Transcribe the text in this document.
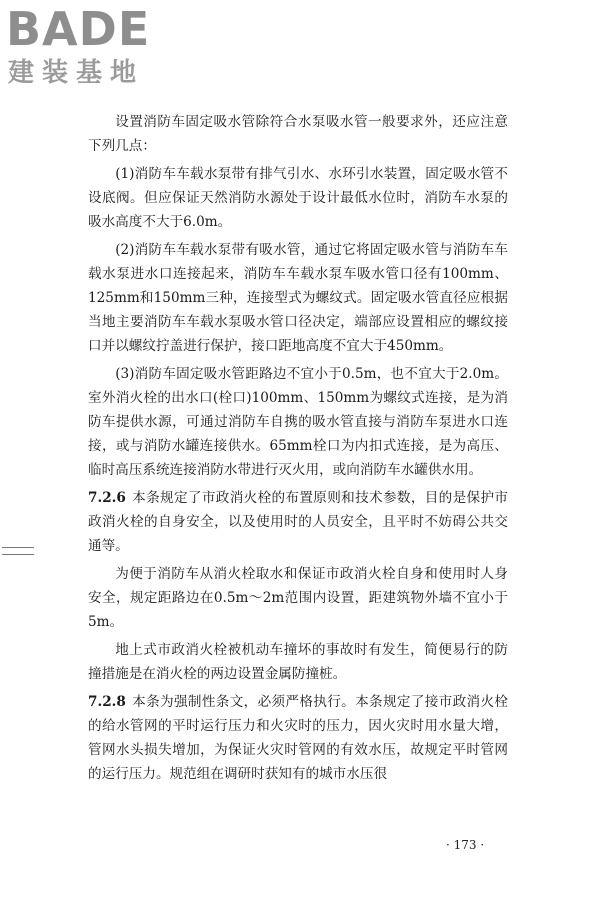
BADE
建装基地

设置消防车固定吸水管除符合水泵吸水管一般要求外，还应注意下列几点：

(1)消防车车载水泵带有排气引水、水环引水装置，固定吸水管不设底阀。但应保证天然消防水源处于设计最低水位时，消防车水泵的吸水高度不大于6.0m。

(2)消防车车载水泵带有吸水管，通过它将固定吸水管与消防车车载水泵进水口连接起来，消防车车载水泵车吸水管口径有100mm、125mm和150mm三种，连接型式为螺纹式。固定吸水管直径应根据当地主要消防车车载水泵吸水管口径决定，端部应设置相应的螺纹接口并以螺纹拧盖进行保护，接口距地高度不宜大于450mm。

(3)消防车固定吸水管距路边不宜小于0.5m，也不宜大于2.0m。室外消火栓的出水口(栓口)100mm、150mm为螺纹式连接，是为消防车提供水源，可通过消防车自携的吸水管直接与消防车泵进水口连接，或与消防水罐连接供水。65mm栓口为内扣式连接，是为高压、临时高压系统连接消防水带进行灭火用，或向消防车水罐供水用。

7.2.6 本条规定了市政消火栓的布置原则和技术参数，目的是保护市政消火栓的自身安全，以及使用时的人员安全，且平时不妨碍公共交通等。

为便于消防车从消火栓取水和保证市政消火栓自身和使用时人身安全，规定距路边在0.5m～2m范围内设置，距建筑物外墙不宜小于5m。

地上式市政消火栓被机动车撞坏的事故时有发生，简便易行的防撞措施是在消火栓的两边设置金属防撞桩。

7.2.8 本条为强制性条文，必须严格执行。本条规定了接市政消火栓的给水管网的平时运行压力和火灾时的压力，因火灾时用水量大增，管网水头损失增加，为保证火灾时管网的有效水压，故规定平时管网的运行压力。规范组在调研时获知有的城市水压很

· 173 ·
